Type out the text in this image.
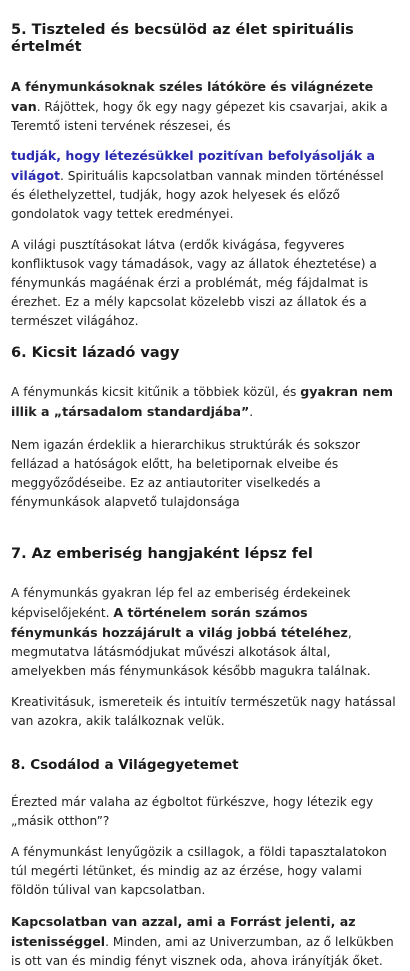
5. Tiszteled és becsülöd az élet spirituális értelmét

A fénymunkásoknak széles látóköre és világnézete van. Rájöttek, hogy ők egy nagy gépezet kis csavarjai, akik a Teremtő isteni tervének részesei, és

tudják, hogy létezésükkel pozitívan befolyásolják a világot. Spirituális kapcsolatban vannak minden történéssel és élethelyzettel, tudják, hogy azok helyesek és előző gondolatok vagy tettek eredményei.

A világi pusztításokat látva (erdők kivágása, fegyveres konfliktusok vagy támadások, vagy az állatok éheztetése) a fénymunkás magáénak érzi a problémát, még fájdalmat is érezhet. Ez a mély kapcsolat közelebb viszi az állatok és a természet világához.

6. Kicsit lázadó vagy

A fénymunkás kicsit kitűnik a többiek közül, és gyakran nem illik a „társadalom standardjába”.

Nem igazán érdeklik a hierarchikus struktúrák és sokszor fellázad a hatóságok előtt, ha beletipornak elveibe és meggyőződéseibe. Ez az antiautoriter viselkedés a fénymunkások alapvető tulajdonsága

7. Az emberiség hangjaként lépsz fel

A fénymunkás gyakran lép fel az emberiség érdekeinek képviselőjeként. A történelem során számos fénymunkás hozzájárult a világ jobbá tételéhez, megmutatva látásmódjukat művészi alkotások által, amelyekben más fénymunkások később magukra találnak.

Kreativitásuk, ismereteik és intuitív természetük nagy hatással van azokra, akik találkoznak velük.

8. Csodálod a Világegyetemet

Érezted már valaha az égboltot fürkészve, hogy létezik egy „másik otthon”?

A fénymunkást lenyűgözik a csillagok, a földi tapasztalatokon túl megérti létünket, és mindig az az érzése, hogy valami földön túlival van kapcsolatban.

Kapcsolatban van azzal, ami a Forrást jelenti, az istenisséggel. Minden, ami az Univerzumban, az ő lelkükben is ott van és mindig fényt visznek oda, ahova irányítják őket.
